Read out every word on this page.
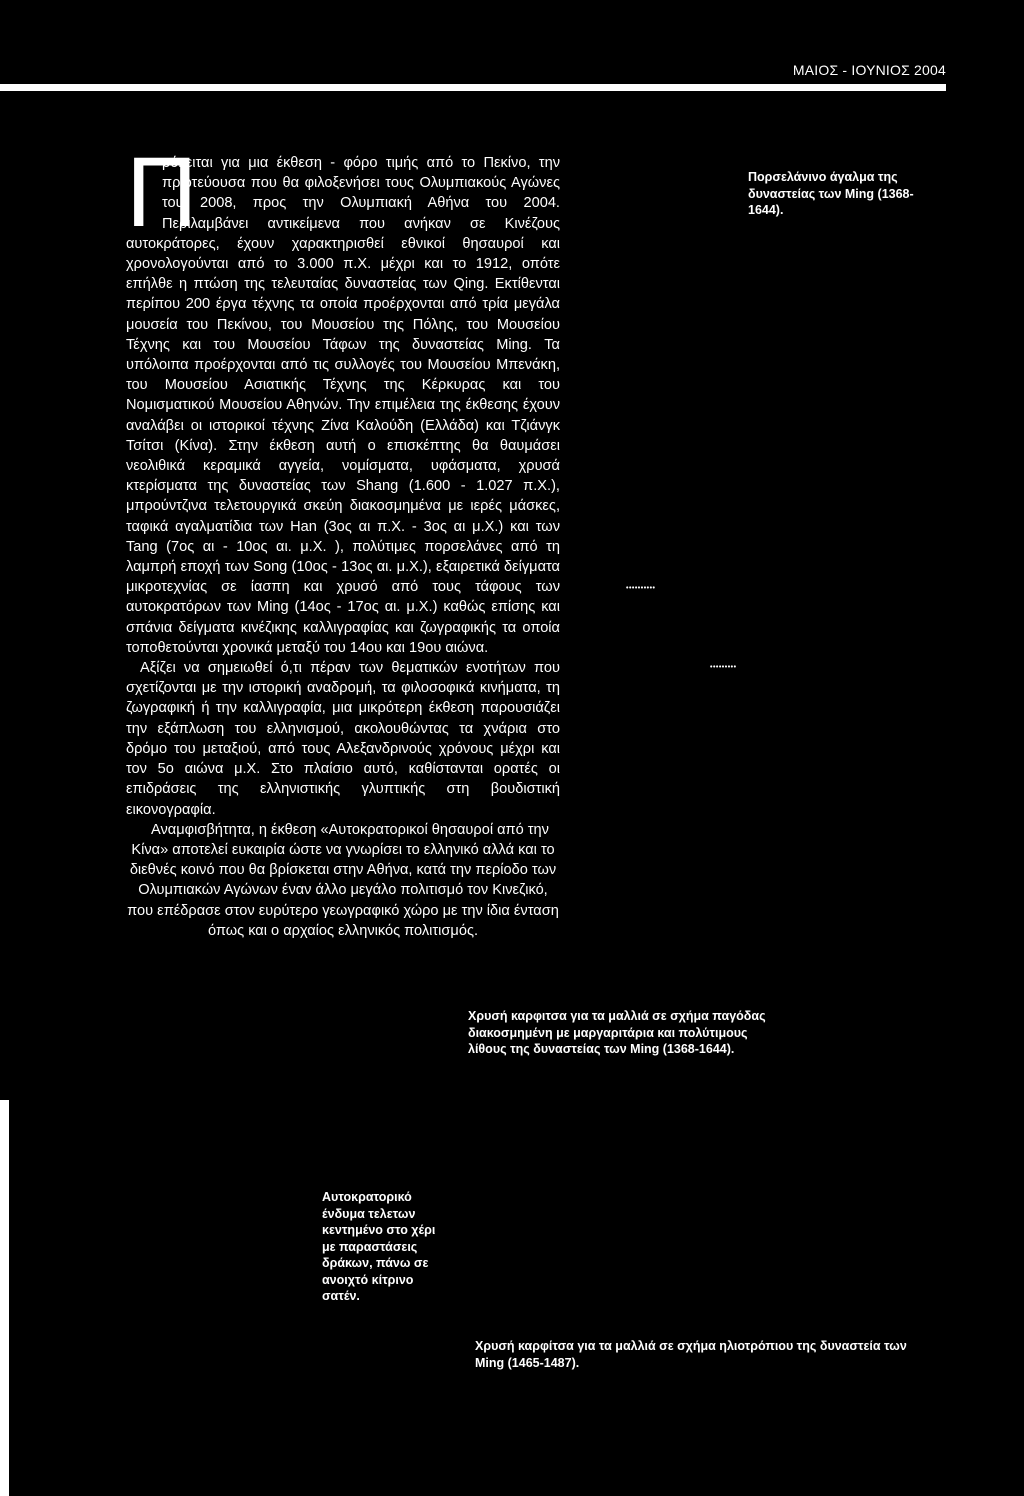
ΜΑΙΟΣ - ΙΟΥΝΙΟΣ 2004
Π

ρόκειται για μια έκθεση - φόρο τιμής από το Πεκίνο, την πρωτεύουσα που θα φιλοξενήσει τους Ολυμπιακούς Αγώνες του 2008, προς την Ολυμπιακή Αθήνα του 2004. Περιλαμβάνει αντικείμενα που ανήκαν σε Κινέζους αυτοκράτορες, έχουν χαρακτηρισθεί εθνικοί θησαυροί και χρονολογούνται από το 3.000 π.Χ. μέχρι και το 1912, οπότε επήλθε η πτώση της τελευταίας δυναστείας των Qing. Εκτίθενται περίπου 200 έργα τέχνης τα οποία προέρχονται από τρία μεγάλα μουσεία του Πεκίνου, του Μουσείου της Πόλης, του Μουσείου Τέχνης και του Μουσείου Τάφων της δυναστείας Ming. Τα υπόλοιπα προέρχονται από τις συλλογές του Μουσείου Μπενάκη, του Μουσείου Ασιατικής Τέχνης της Κέρκυρας και του Νομισματικού Μουσείου Αθηνών. Την επιμέλεια της έκθεσης έχουν αναλάβει οι ιστορικοί τέχνης Ζίνα Καλούδη (Ελλάδα) και Τζιάνγκ Τσίτσι (Κίνα). Στην έκθεση αυτή ο επισκέπτης θα θαυμάσει νεολιθικά κεραμικά αγγεία, νομίσματα, υφάσματα, χρυσά κτερίσματα της δυναστείας των Shang (1.600 - 1.027 π.Χ.), μπρούντζινα τελετουργικά σκεύη διακοσμημένα με ιερές μάσκες, ταφικά αγαλματίδια των Han (3ος αι π.Χ. - 3ος αι μ.Χ.) και των Tang (7ος αι - 10ος αι. μ.Χ. ), πολύτιμες πορσελάνες από τη λαμπρή εποχή των Song (10ος - 13ος αι. μ.Χ.), εξαιρετικά δείγματα μικροτεχνίας σε ίασπη και χρυσό από τους τάφους των αυτοκρατόρων των Ming (14ος - 17ος αι. μ.Χ.) καθώς επίσης και σπάνια δείγματα κινέζικης καλλιγραφίας και ζωγραφικής τα οποία τοποθετούνται χρονικά μεταξύ του 14ου και 19ου αιώνα.

Αξίζει να σημειωθεί ό,τι πέραν των θεματικών ενοτήτων που σχετίζονται με την ιστορική αναδρομή, τα φιλοσοφικά κινήματα, τη ζωγραφική ή την καλλιγραφία, μια μικρότερη έκθεση παρουσιάζει την εξάπλωση του ελληνισμού, ακολουθώντας τα χνάρια στο δρόμο του μεταξιού, από τους Αλεξανδρινούς χρόνους μέχρι και τον 5ο αιώνα μ.Χ. Στο πλαίσιο αυτό, καθίστανται ορατές οι επιδράσεις της ελληνιστικής γλυπτικής στη βουδιστική εικονογραφία.

Αναμφισβήτητα, η έκθεση «Αυτοκρατορικοί θησαυροί από την Κίνα» αποτελεί ευκαιρία ώστε να γνωρίσει το ελληνικό αλλά και το διεθνές κοινό που θα βρίσκεται στην Αθήνα, κατά την περίοδο των Ολυμπιακών Αγώνων έναν άλλο μεγάλο πολιτισμό τον Κινεζικό, που επέδρασε στον ευρύτερο γεωγραφικό χώρο με την ίδια ένταση όπως και ο αρχαίος ελληνικός πολιτισμός.

Πορσελάνινο άγαλμα της δυναστείας των Ming (1368-1644).

Χρυσή καρφιτσα για τα μαλλιά σε σχήμα παγόδας διακοσμημένη με μαργαριτάρια και πολύτιμους λίθους της δυναστείας των Ming (1368-1644).

Αυτοκρατορικό ένδυμα τελετων κεντημένο στο χέρι με παραστάσεις δράκων, πάνω σε ανοιχτό κίτρινο σατέν.

Χρυσή καρφίτσα για τα μαλλιά σε σχήμα ηλιοτρόπιου της δυναστεία των Ming (1465-1487).

••••••••••

•••••••••
